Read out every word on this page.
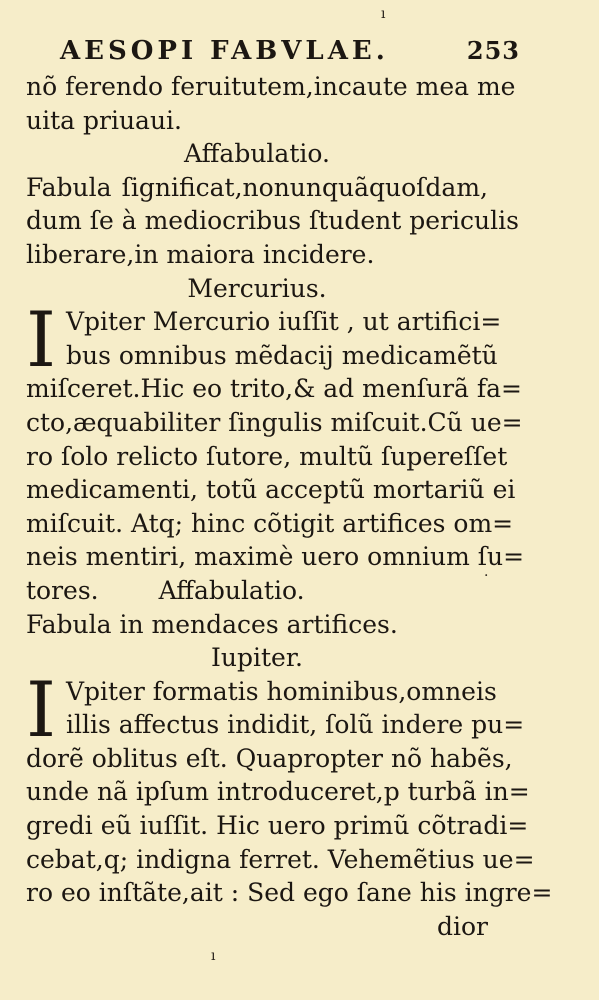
ı
·
ı
AESOPI FABVLAE.	253
nõ ferendo feruitutem,incaute mea me
uita priuaui.
Affabulatio.
Fabula ſignificat,nonunquãquoſdam,
dum ſe à mediocribus ſtudent periculis
liberare,in maiora incidere.
Mercurius.
I Vpiter Mercurio iuſſit , ut artifici=
bus omnibus mẽdacij medicamẽtũ
miſceret.Hic eo trito,& ad menſurã fa=
cto,æquabiliter ſingulis miſcuit.Cũ ue=
ro ſolo relicto ſutore, multũ ſupereſſet
medicamenti, totũ acceptũ mortariũ ei
miſcuit. Atq; hinc cõtigit artifices om=
neis mentiri, maximè uero omnium ſu=
tores. Affabulatio.
Fabula in mendaces artifices.
Iupiter.
I Vpiter formatis hominibus,omneis
illis affectus indidit, ſolũ indere pu=
dorẽ oblitus eſt. Quapropter nõ habẽs,
unde nã ipſum introduceret,p turbã in=
gredi eũ iuſſit. Hic uero primũ cõtradi=
cebat,q; indigna ferret. Vehemẽtius ue=
ro eo inſtãte,ait : Sed ego ſane his ingre=
dior
